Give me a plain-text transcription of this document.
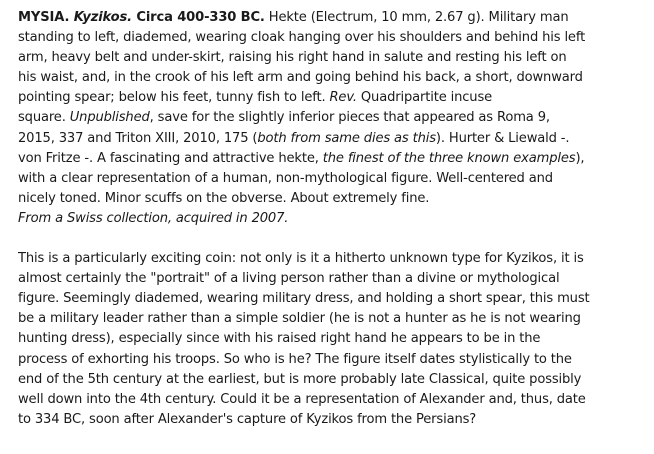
MYSIA. Kyzikos. Circa 400-330 BC. Hekte (Electrum, 10 mm, 2.67 g). Military man
standing to left, diademed, wearing cloak hanging over his shoulders and behind his left
arm, heavy belt and under-skirt, raising his right hand in salute and resting his left on
his waist, and, in the crook of his left arm and going behind his back, a short, downward
pointing spear; below his feet, tunny fish to left. Rev. Quadripartite incuse
square. Unpublished, save for the slightly inferior pieces that appeared as Roma 9,
2015, 337 and Triton XIII, 2010, 175 (both from same dies as this). Hurter & Liewald -.
von Fritze -. A fascinating and attractive hekte, the finest of the three known examples),
with a clear representation of a human, non-mythological figure. Well-centered and
nicely toned. Minor scuffs on the obverse. About extremely fine.
From a Swiss collection, acquired in 2007.
This is a particularly exciting coin: not only is it a hitherto unknown type for Kyzikos, it is
almost certainly the "portrait" of a living person rather than a divine or mythological
figure. Seemingly diademed, wearing military dress, and holding a short spear, this must
be a military leader rather than a simple soldier (he is not a hunter as he is not wearing
hunting dress), especially since with his raised right hand he appears to be in the
process of exhorting his troops. So who is he? The figure itself dates stylistically to the
end of the 5th century at the earliest, but is more probably late Classical, quite possibly
well down into the 4th century. Could it be a representation of Alexander and, thus, date
to 334 BC, soon after Alexander's capture of Kyzikos from the Persians?
